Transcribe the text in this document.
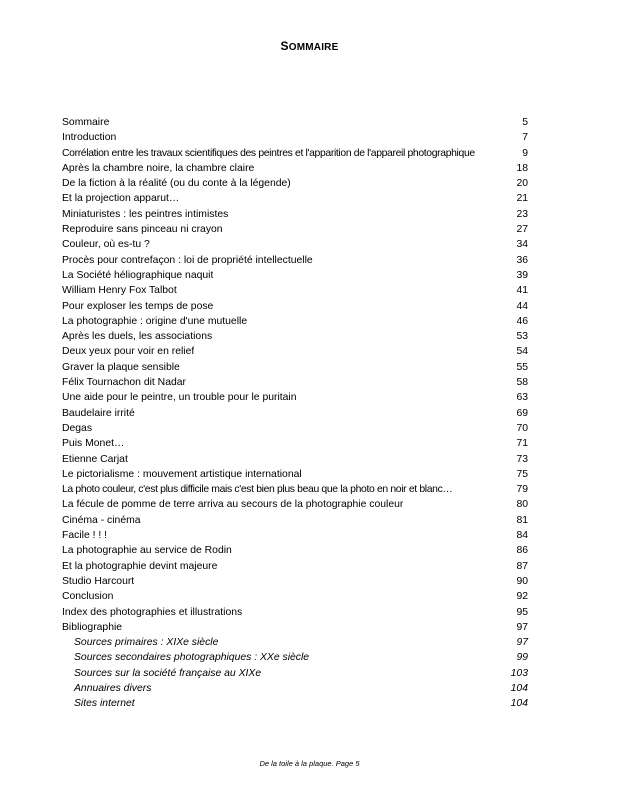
SOMMAIRE
Sommaire	5
Introduction	7
Corrélation entre les travaux scientifiques des peintres et l'apparition de l'appareil photographique	9
Après la chambre noire, la chambre claire	18
De la fiction à la réalité (ou du conte à la légende)	20
Et la projection apparut…	21
Miniaturistes : les peintres intimistes	23
Reproduire sans pinceau ni crayon	27
Couleur, où es-tu ?	34
Procès pour contrefaçon : loi de propriété intellectuelle	36
La Société héliographique naquit	39
William Henry Fox Talbot	41
Pour exploser les temps de pose	44
La photographie : origine d'une mutuelle	46
Après les duels, les associations	53
Deux yeux pour voir en relief	54
Graver la plaque sensible	55
Félix Tournachon dit Nadar	58
Une aide pour le peintre, un trouble pour le puritain	63
Baudelaire irrité	69
Degas	70
Puis Monet…	71
Etienne Carjat	73
Le pictorialisme : mouvement artistique international	75
La photo couleur, c'est plus difficile mais c'est bien plus beau que la photo en noir et blanc…	79
La fécule de pomme de terre arriva au secours de la photographie couleur	80
Cinéma - cinéma	81
Facile ! ! !	84
La photographie au service de Rodin	86
Et la photographie devint majeure	87
Studio Harcourt	90
Conclusion	92
Index des photographies et illustrations	95
Bibliographie	97
Sources primaires : XIXe siècle	97
Sources secondaires photographiques : XXe siècle	99
Sources sur la société française au XIXe	103
Annuaires divers	104
Sites internet	104
De la toile à la plaque. Page 5
